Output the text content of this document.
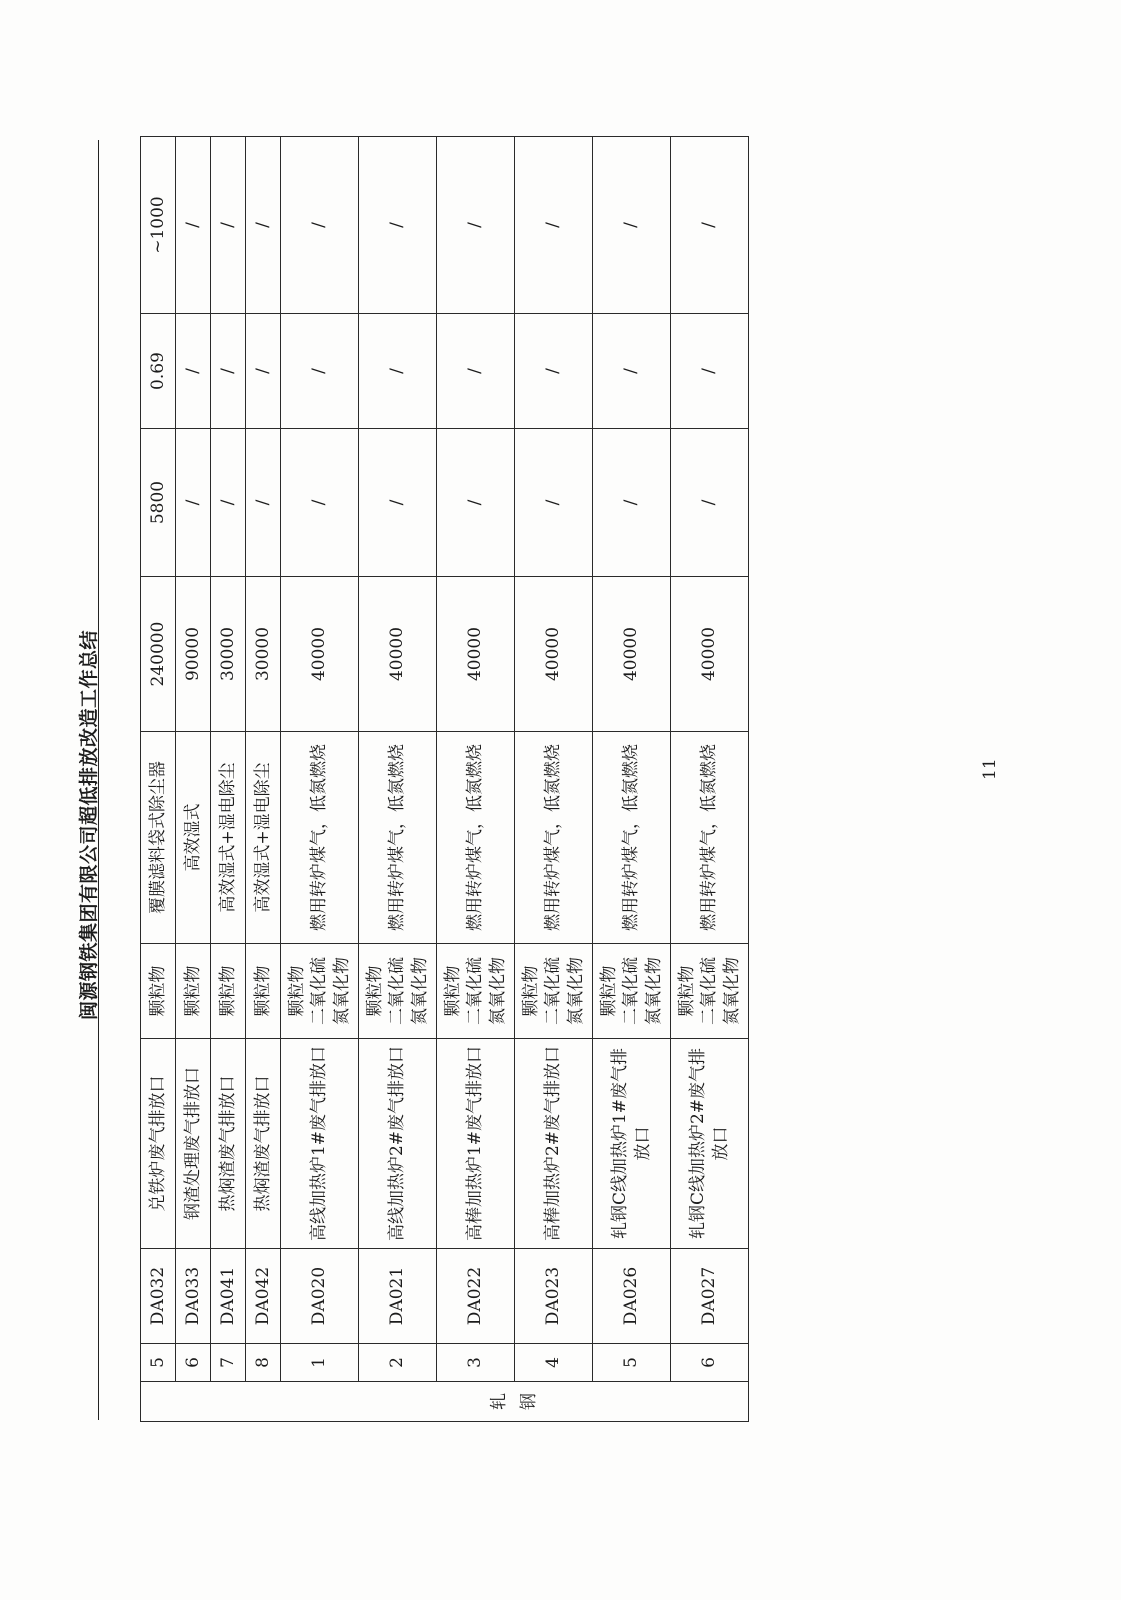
闽源钢铁集团有限公司超低排放改造工作总结
	5	DA032	兑铁炉废气排放口	颗粒物	覆膜滤料袋式除尘器	240000	5800	0.69	~1000
	6	DA033	钢渣处理废气排放口	颗粒物	高效湿式	90000	/	/	/
	7	DA041	热焖渣废气排放口	颗粒物	高效湿式+湿电除尘	30000	/	/	/
	8	DA042	热焖渣废气排放口	颗粒物	高效湿式+湿电除尘	30000	/	/	/

轧 钢	1	DA020	高线加热炉1#废气排放口	颗粒物 二氧化硫 氮氧化物	燃用转炉煤气，低氮燃烧	40000	/	/	/
	2	DA021	高线加热炉2#废气排放口	颗粒物 二氧化硫 氮氧化物	燃用转炉煤气，低氮燃烧	40000	/	/	/
	3	DA022	高棒加热炉1#废气排放口	颗粒物 二氧化硫 氮氧化物	燃用转炉煤气，低氮燃烧	40000	/	/	/
	4	DA023	高棒加热炉2#废气排放口	颗粒物 二氧化硫 氮氧化物	燃用转炉煤气，低氮燃烧	40000	/	/	/
	5	DA026	轧钢C线加热炉1#废气排放口	颗粒物 二氧化硫 氮氧化物	燃用转炉煤气，低氮燃烧	40000	/	/	/
	6	DA027	轧钢C线加热炉2#废气排放口	颗粒物 二氧化硫 氮氧化物	燃用转炉煤气，低氮燃烧	40000	/	/	/
11
